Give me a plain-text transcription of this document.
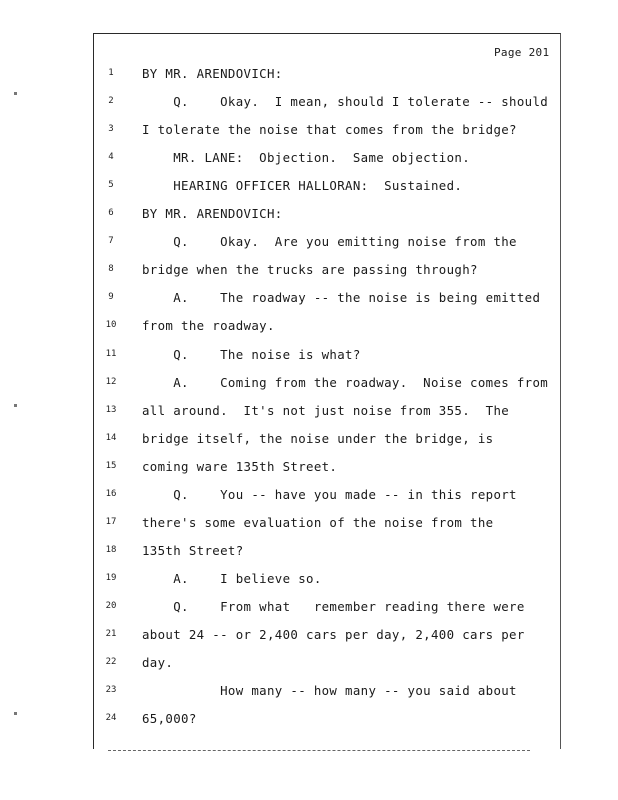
Page 201
1	BY MR. ARENDOVICH:
2	Q.    Okay.  I mean, should I tolerate -- should
3	I tolerate the noise that comes from the bridge?
4	MR. LANE:  Objection.  Same objection.
5	HEARING OFFICER HALLORAN:  Sustained.
6	BY MR. ARENDOVICH:
7	Q.    Okay.  Are you emitting noise from the
8	bridge when the trucks are passing through?
9	A.    The roadway -- the noise is being emitted
10 from the roadway.
11 Q.    The noise is what?
12 A.    Coming from the roadway.  Noise comes from
13 all around.  It's not just noise from 355.  The
14 bridge itself, the noise under the bridge, is
15 coming ware 135th Street.
16 Q.    You -- have you made -- in this report
17 there's some evaluation of the noise from the
18 135th Street?
19 A.    I believe so.
20 Q.    From what   remember reading there were
21 about 24 -- or 2,400 cars per day, 2,400 cars per
22 day.
23 How many -- how many -- you said about
24 65,000?
